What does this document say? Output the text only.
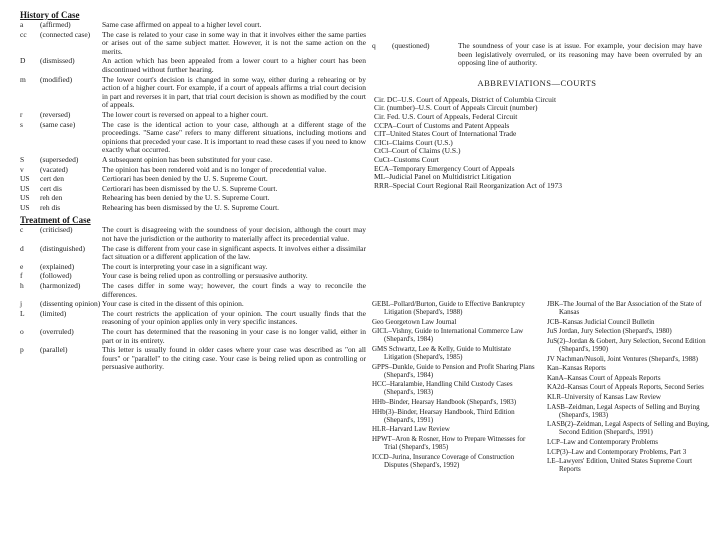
History of Case
a	(affirmed)	Same case affirmed on appeal to a higher level court.
cc	(connected case)	The case is related to your case in some way in that it involves either the same parties or arises out of the same subject matter. However, it is not the same action on the merits.
D	(dismissed)	An action which has been appealed from a lower court to a higher court has been discontinued without further hearing.
m	(modified)	The lower court's decision is changed in some way, either during a rehearing or by action of a higher court. For example, if a court of appeals affirms a trial court decision in part and reverses it in part, that trial court decision is shown as modified by the court of appeals.
r	(reversed)	The lower court is reversed on appeal to a higher court.
s	(same case)	The case is the identical action to your case, although at a different stage of the proceedings. "Same case" refers to many different situations, including motions and opinions that preceded your case. It is important to read these cases if you need to know exactly what occurred.
S	(superseded)	A subsequent opinion has been substituted for your case.
v	(vacated)	The opinion has been rendered void and is no longer of precedential value.
US	cert den	Certiorari has been denied by the U. S. Supreme Court.
US	cert dis	Certiorari has been dismissed by the U. S. Supreme Court.
US	reh den	Rehearing has been denied by the U. S. Supreme Court.
US	reh dis	Rehearing has been dismissed by the U. S. Supreme Court.
Treatment of Case
c	(criticised)	The court is disagreeing with the soundness of your decision, although the court may not have the jurisdiction or the authority to materially affect its precedential value.
d	(distinguished)	The case is different from your case in significant aspects. It involves either a dissimilar fact situation or a different application of the law.
e	(explained)	The court is interpreting your case in a significant way.
f	(followed)	Your case is being relied upon as controlling or persuasive authority.
h	(harmonized)	The cases differ in some way; however, the court finds a way to reconcile the differences.
j	(dissenting opinion) Your case is cited in the dissent of this opinion.
L	(limited)	The court restricts the application of your opinion. The court usually finds that the reasoning of your opinion applies only in very specific instances.
o	(overruled)	The court has determined that the reasoning in your case is no longer valid, either in part or in its entirety.
p	(parallel)	This letter is usually found in older cases where your case was described as "on all fours" or "parallel" to the citing case. Your case is being relied upon as controlling or persuasive authority.
q	(questioned)	The soundness of your case is at issue. For example, your decision may have been legislatively overruled, or its reasoning may have been overruled by an opposing line of authority.
ABBREVIATIONS—COURTS
Cir. DC–U.S. Court of Appeals, District of Columbia Circuit
Cir. (number)–U.S. Court of Appeals Circuit (number)
Cir. Fed. U.S. Court of Appeals, Federal Circuit
CCPA–Court of Customs and Patent Appeals
CIT–United States Court of International Trade
CICt–Claims Court (U.S.)
CtCl–Court of Claims (U.S.)
CuCt–Customs Court
ECA–Temporary Emergency Court of Appeals
ML–Judicial Panel on Multidistrict Litigation
RRR–Special Court Regional Rail Reorganization Act of 1973
GEBL–Pollard/Burton, Guide to Effective Bankruptcy Litigation (Shepard's, 1988)
Geo Georgetown Law Journal
GICL–Vishny, Guide to International Commerce Law (Shepard's, 1984)
GMS Schwartz, Lee & Kelly, Guide to Multistate Litigation (Shepard's, 1985)
GPPS–Dunkle, Guide to Pension and Profit Sharing Plans (Shepard's, 1984)
HCC–Haralambie, Handling Child Custody Cases (Shepard's, 1983)
HHb–Binder, Hearsay Handbook (Shepard's, 1983)
HHb(3)–Binder, Hearsay Handbook, Third Edition (Shepard's, 1991)
HLR–Harvard Law Review
HPWT–Aron & Rosner, How to Prepare Witnesses for Trial (Shepard's, 1985)
ICCD–Jurina, Insurance Coverage of Construction Disputes (Shepard's, 1992)
JBK–The Journal of the Bar Association of the State of Kansas
JCB–Kansas Judicial Council Bulletin
JuS Jordan, Jury Selection (Shepard's, 1980)
JuS(2)–Jordan & Gobert, Jury Selection, Second Edition (Shepard's, 1990)
JV Nachman/Nusoli, Joint Ventures (Shepard's, 1988)
Kan–Kansas Reports
KanA–Kansas Court of Appeals Reports
KA2d–Kansas Court of Appeals Reports, Second Series
KLR–University of Kansas Law Review
LASB–Zeidman, Legal Aspects of Selling and Buying (Shepard's, 1983)
LASB(2)–Zeidman, Legal Aspects of Selling and Buying, Second Edition (Shepard's, 1991)
LCP–Law and Contemporary Problems
LCP(3)–Law and Contemporary Problems, Part 3
LE–Lawyers' Edition, United States Supreme Court Reports
